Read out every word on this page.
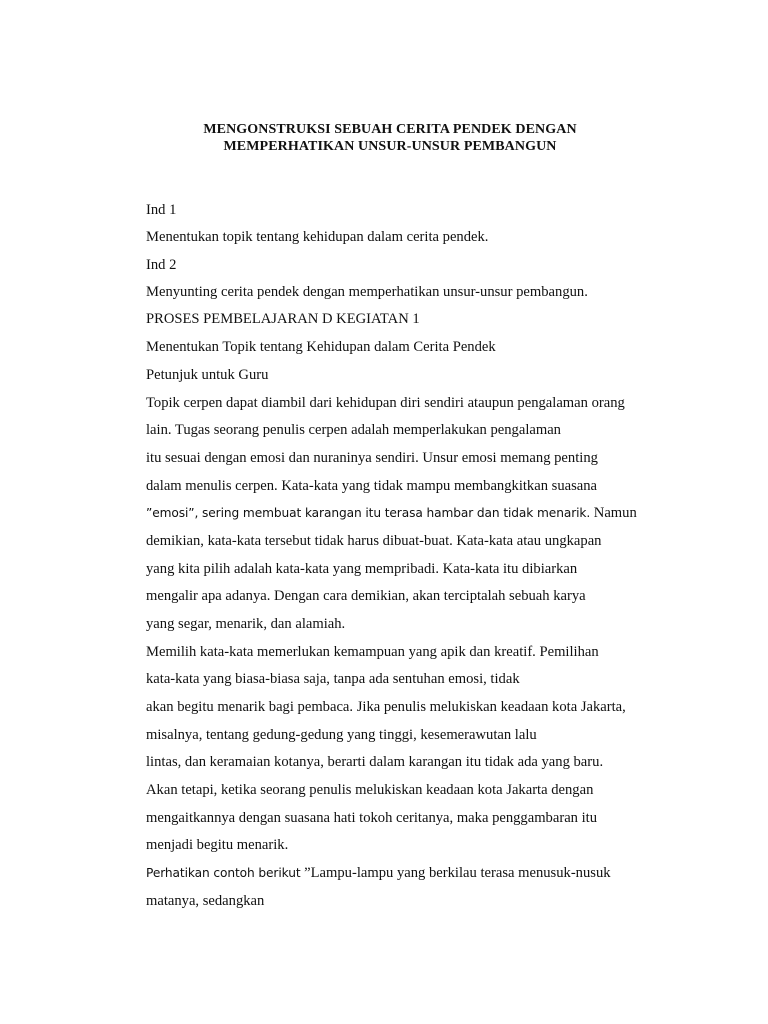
MENGONSTRUKSI SEBUAH CERITA PENDEK DENGAN
MEMPERHATIKAN UNSUR-UNSUR PEMBANGUN
Ind 1
Menentukan topik tentang kehidupan dalam cerita pendek.
Ind 2
Menyunting cerita pendek dengan memperhatikan unsur-unsur pembangun.
PROSES PEMBELAJARAN D KEGIATAN 1
Menentukan Topik tentang Kehidupan dalam Cerita Pendek
Petunjuk untuk Guru
Topik cerpen dapat diambil dari kehidupan diri sendiri ataupun pengalaman orang
lain. Tugas seorang penulis cerpen adalah memperlakukan pengalaman
itu sesuai dengan emosi dan nuraninya sendiri. Unsur emosi memang penting
dalam menulis cerpen. Kata-kata yang tidak mampu membangkitkan suasana
”emosi”, sering membuat karangan itu terasa hambar dan tidak menarik. Namun
demikian, kata-kata tersebut tidak harus dibuat-buat. Kata-kata atau ungkapan
yang kita pilih adalah kata-kata yang mempribadi. Kata-kata itu dibiarkan
mengalir apa adanya. Dengan cara demikian, akan terciptalah sebuah karya
yang segar, menarik, dan alamiah.
Memilih kata-kata memerlukan kemampuan yang apik dan kreatif. Pemilihan
kata-kata yang biasa-biasa saja, tanpa ada sentuhan emosi, tidak
akan begitu menarik bagi pembaca. Jika penulis melukiskan keadaan kota Jakarta,
misalnya, tentang gedung-gedung yang tinggi, kesemerawutan lalu
lintas, dan keramaian kotanya, berarti dalam karangan itu tidak ada yang baru.
Akan tetapi, ketika seorang penulis melukiskan keadaan kota Jakarta dengan
mengaitkannya dengan suasana hati tokoh ceritanya, maka penggambaran itu
menjadi begitu menarik.
Perhatikan contoh berikut ”Lampu-lampu yang berkilau terasa menusuk-nusuk
matanya, sedangkan
